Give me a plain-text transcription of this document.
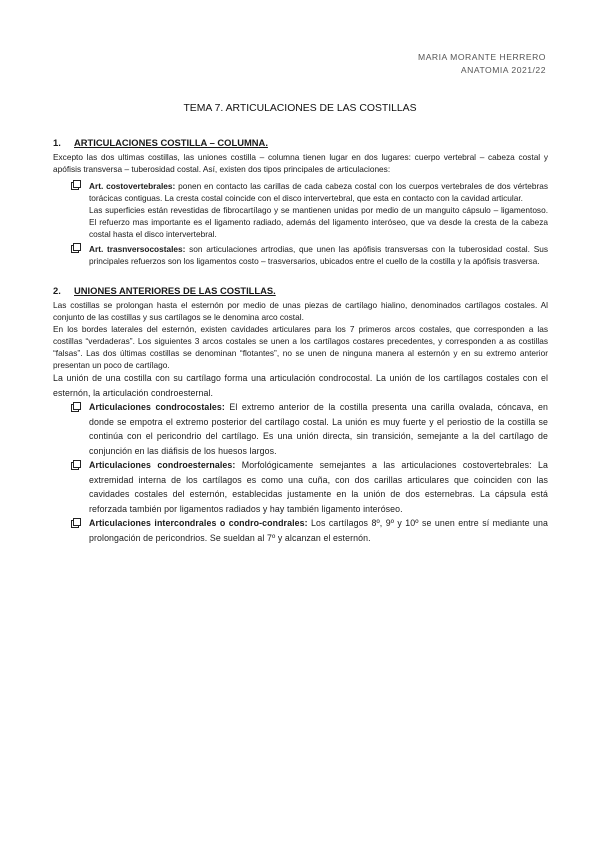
MARIA MORANTE HERRERO
ANATOMIA 2021/22
TEMA 7. ARTICULACIONES DE LAS COSTILLAS
1. ARTICULACIONES COSTILLA – COLUMNA.

Excepto las dos ultimas costillas, las uniones costilla – columna tienen lugar en dos lugares: cuerpo vertebral – cabeza costal y apófisis transversa – tuberosidad costal. Así, existen dos tipos principales de articulaciones:

Art. costovertebrales: ponen en contacto las carillas de cada cabeza costal con los cuerpos vertebrales de dos vértebras torácicas contiguas. La cresta costal coincide con el disco intervertebral, que esta en contacto con la cavidad articular.

Las superficies están revestidas de fibrocartílago y se mantienen unidas por medio de un manguito cápsulo – ligamentoso. El refuerzo mas importante es el ligamento radiado, además del ligamento interóseo, que va desde la cresta de la cabeza costal hasta el disco intervertebral.

Art. trasnversocostales: son articulaciones artrodias, que unen las apófisis transversas con la tuberosidad costal. Sus principales refuerzos son los ligamentos costo – trasversarios, ubicados entre el cuello de la costilla y la apófisis trasversa.

2. UNIONES ANTERIORES DE LAS COSTILLAS.

Las costillas se prolongan hasta el esternón por medio de unas piezas de cartílago hialino, denominados cartílagos costales. Al conjunto de las costillas y sus cartílagos se le denomina arco costal.

En los bordes laterales del esternón, existen cavidades articulares para los 7 primeros arcos costales, que corresponden a las costillas “verdaderas”. Los siguientes 3 arcos costales se unen a los cartílagos costares precedentes, y corresponden a as costillas “falsas”. Las dos últimas costillas se denominan “flotantes”, no se unen de ninguna manera al esternón y en su extremo anterior presentan un poco de cartílago.

La unión de una costilla con su cartílago forma una articulación condrocostal. La unión de los cartílagos costales con el esternón, la articulación condroesternal.

Articulaciones condrocostales: El extremo anterior de la costilla presenta una carilla ovalada, cóncava, en donde se empotra el extremo posterior del cartílago costal. La unión es muy fuerte y el periostio de la costilla se continúa con el pericondrio del cartílago. Es una unión directa, sin transición, semejante a la del cartílago de conjunción en las diáfisis de los huesos largos.

Articulaciones condroesternales: Morfológicamente semejantes a las articulaciones costovertebrales: La extremidad interna de los cartílagos es como una cuña, con dos carillas articulares que coinciden con las cavidades costales del esternón, establecidas justamente en la unión de dos esternebras. La cápsula está reforzada también por ligamentos radiados y hay también ligamento interóseo.

Articulaciones intercondrales o condro-condrales: Los cartílagos 8º, 9º y 10º se unen entre sí mediante una prolongación de pericondrios. Se sueldan al 7º y alcanzan el esternón.
